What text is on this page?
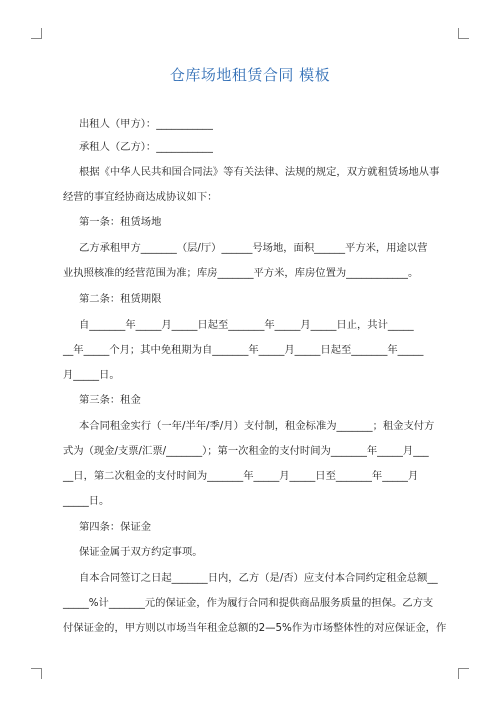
仓库场地租赁合同 模板
出租人（甲方）：___________
承租人（乙方）：___________
根据《中华人民共和国合同法》等有关法律、法规的规定，双方就租赁场地从事
经营的事宜经协商达成协议如下：
第一条：租赁场地
乙方承租甲方_______（层/厅）______号场地，面积______平方米，用途以营
业执照核准的经营范围为准；库房_______平方米，库房位置为____________。
第二条：租赁期限
自_______年_____月_____日起至_______年_____月_____日止，共计_____
__年_____个月；其中免租期为自_______年_____月_____日起至_______年_____
月_____日。
第三条：租金
本合同租金实行（一年/半年/季/月）支付制，租金标准为_______；租金支付方
式为（现金/支票/汇票/_______）；第一次租金的支付时间为_______年_____月___
__日，第二次租金的支付时间为_______年_____月_____日至_______年_____月
_____日。
第四条：保证金
保证金属于双方约定事项。
自本合同签订之日起_______日内，乙方（是/否）应支付本合同约定租金总额__
_____%计_______元的保证金，作为履行合同和提供商品服务质量的担保。乙方支
付保证金的，甲方则以市场当年租金总额的2—5%作为市场整体性的对应保证金，作
